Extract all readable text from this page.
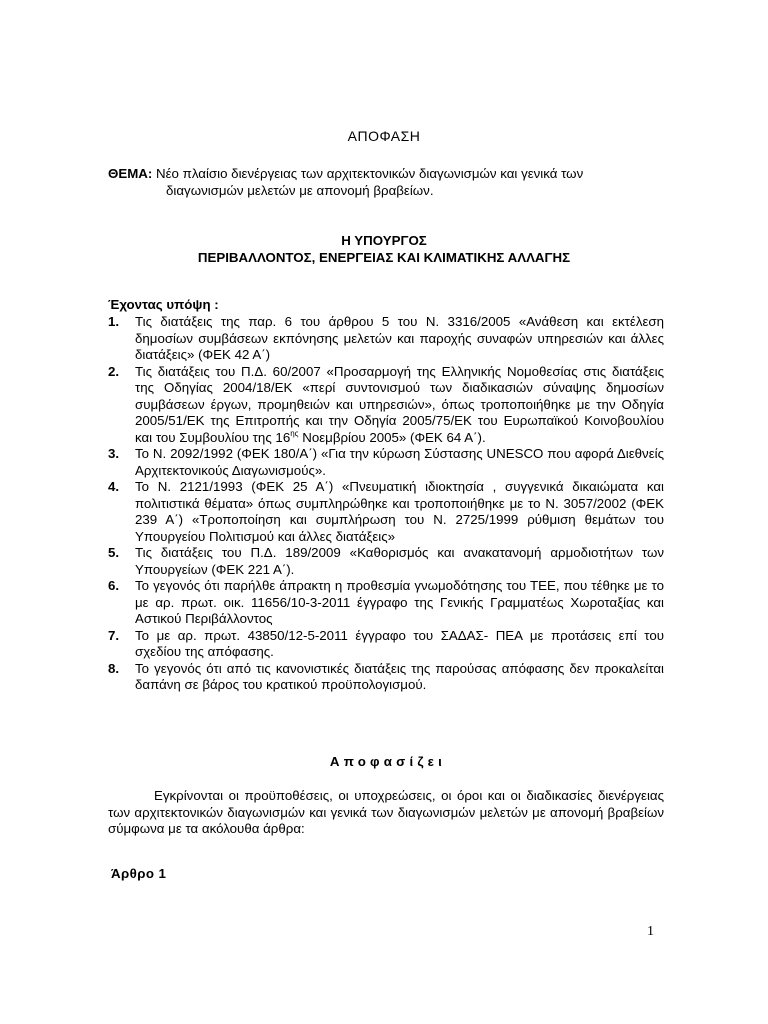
ΑΠΟΦΑΣΗ
ΘΕΜΑ: Νέο πλαίσιο διενέργειας των αρχιτεκτονικών διαγωνισμών και γενικά των
διαγωνισμών μελετών με απονομή βραβείων.
Η ΥΠΟΥΡΓΟΣ
ΠΕΡΙΒΑΛΛΟΝΤΟΣ, ΕΝΕΡΓΕΙΑΣ ΚΑΙ ΚΛΙΜΑΤΙΚΗΣ ΑΛΛΑΓΗΣ
Έχοντας υπόψη :
1. Τις διατάξεις της παρ. 6 του άρθρου 5 του Ν. 3316/2005 «Ανάθεση και εκτέλεση δημοσίων συμβάσεων εκπόνησης μελετών και παροχής συναφών υπηρεσιών και άλλες διατάξεις» (ΦΕΚ 42 Α΄)
2. Τις διατάξεις του Π.Δ. 60/2007 «Προσαρμογή της Ελληνικής Νομοθεσίας στις διατάξεις της Οδηγίας 2004/18/ΕΚ «περί συντονισμού των διαδικασιών σύναψης δημοσίων συμβάσεων έργων, προμηθειών και υπηρεσιών», όπως τροποποιήθηκε με την Οδηγία 2005/51/ΕΚ της Επιτροπής και την Οδηγία 2005/75/ΕΚ του Ευρωπαϊκού Κοινοβουλίου και του Συμβουλίου της $16^{\eta\varsigma}$ Νοεμβρίου 2005» (ΦΕΚ 64 Α΄).
3. Το Ν. 2092/1992 (ΦΕΚ 180/Α΄) «Για την κύρωση Σύστασης UNESCO που αφορά Διεθνείς Αρχιτεκτονικούς Διαγωνισμούς».
4. Το Ν. 2121/1993 (ΦΕΚ 25 Α΄) «Πνευματική ιδιοκτησία , συγγενικά δικαιώματα και πολιτιστικά θέματα» όπως συμπληρώθηκε και τροποποιήθηκε με το Ν. 3057/2002 (ΦΕΚ 239 Α΄) «Τροποποίηση και συμπλήρωση του Ν. 2725/1999 ρύθμιση θεμάτων του Υπουργείου Πολιτισμού και άλλες διατάξεις»
5. Τις διατάξεις του Π.Δ. 189/2009 «Καθορισμός και ανακατανομή αρμοδιοτήτων των Υπουργείων (ΦΕΚ 221 Α΄).
6. Το γεγονός ότι παρήλθε άπρακτη η προθεσμία γνωμοδότησης του ΤΕΕ, που τέθηκε με το με αρ. πρωτ. οικ. 11656/10-3-2011 έγγραφο της Γενικής Γραμματέως Χωροταξίας και Αστικού Περιβάλλοντος
7. Το με αρ. πρωτ. 43850/12-5-2011 έγγραφο του ΣΑΔΑΣ- ΠΕΑ με προτάσεις επί του σχεδίου της απόφασης.
8. Το γεγονός ότι από τις κανονιστικές διατάξεις της παρούσας απόφασης δεν προκαλείται δαπάνη σε βάρος του κρατικού προϋπολογισμού.
Αποφασίζει
Εγκρίνονται οι προϋποθέσεις, οι υποχρεώσεις, οι όροι και οι διαδικασίες διενέργειας των αρχιτεκτονικών διαγωνισμών και γενικά των διαγωνισμών μελετών με απονομή βραβείων σύμφωνα με τα ακόλουθα άρθρα:
Άρθρο 1
1
